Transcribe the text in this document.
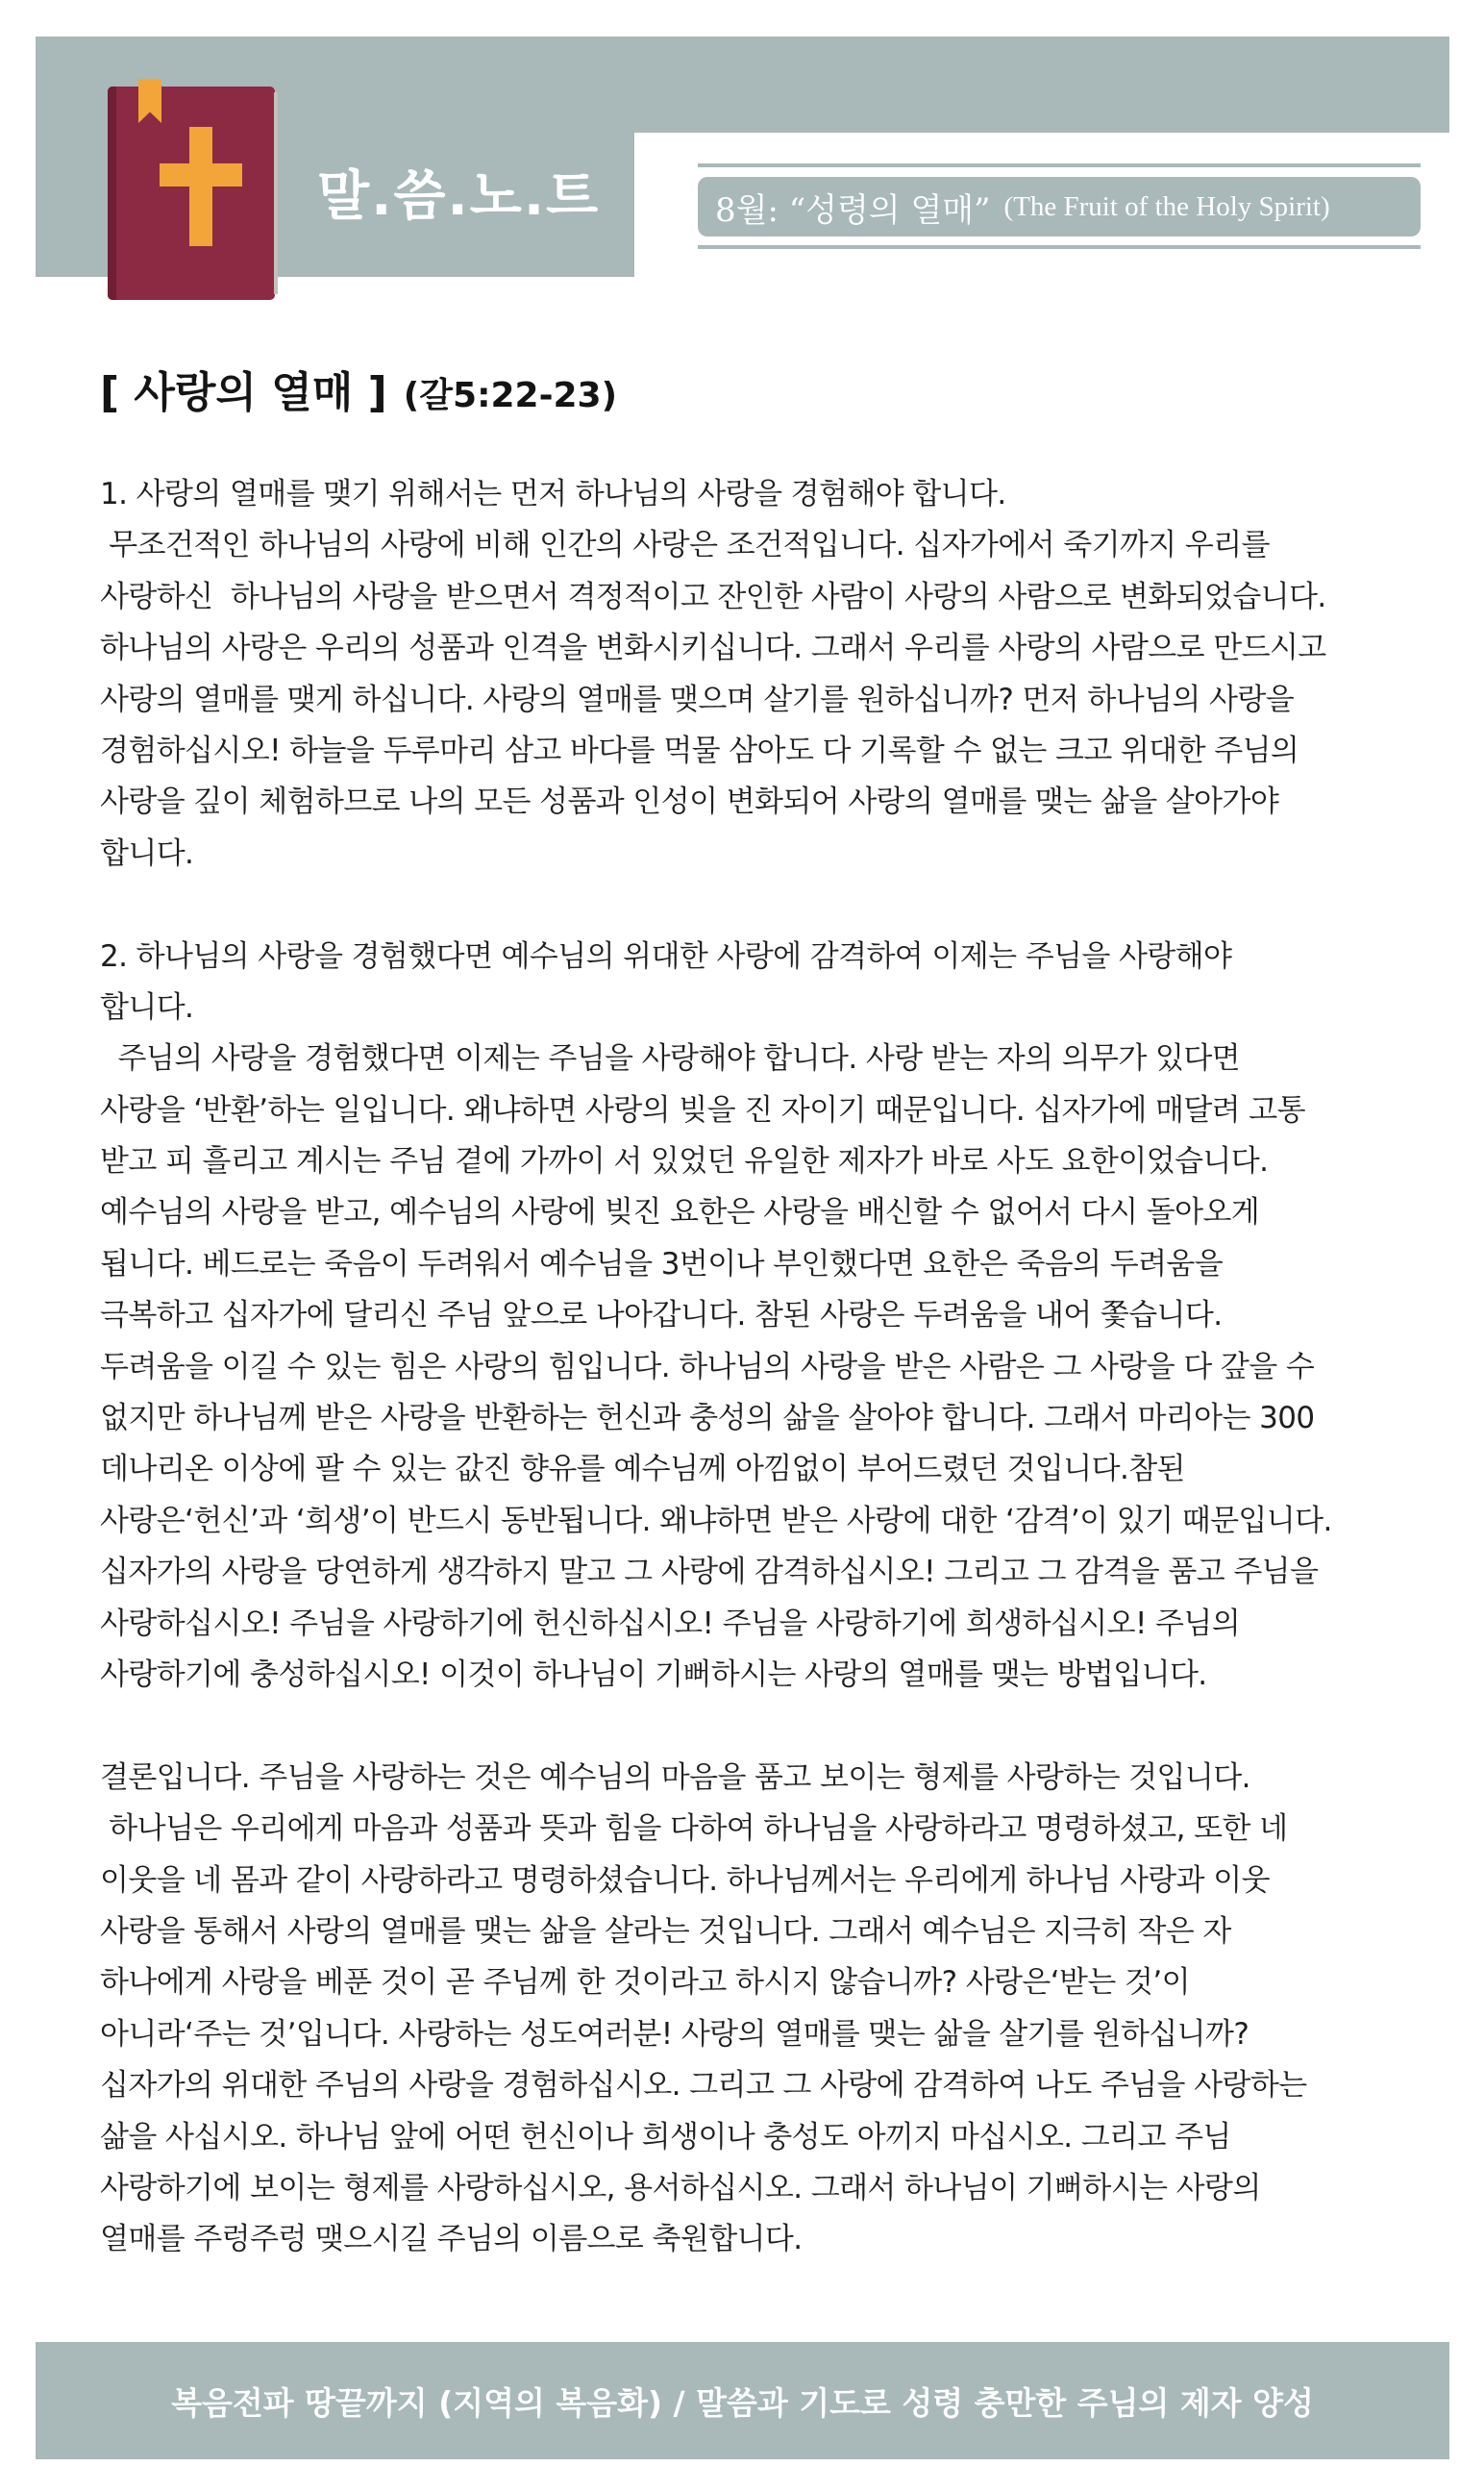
말.씀.노.트	8월: “성령의 열매” (The Fruit of the Holy Spirit)
[ 사랑의 열매 ] (갈5:22-23)
1. 사랑의 열매를 맺기 위해서는 먼저 하나님의 사랑을 경험해야 합니다.
무조건적인 하나님의 사랑에 비해 인간의 사랑은 조건적입니다. 십자가에서 죽기까지 우리를
사랑하신  하나님의 사랑을 받으면서 격정적이고 잔인한 사람이 사랑의 사람으로 변화되었습니다.
하나님의 사랑은 우리의 성품과 인격을 변화시키십니다. 그래서 우리를 사랑의 사람으로 만드시고
사랑의 열매를 맺게 하십니다. 사랑의 열매를 맺으며 살기를 원하십니까? 먼저 하나님의 사랑을
경험하십시오! 하늘을 두루마리 삼고 바다를 먹물 삼아도 다 기록할 수 없는 크고 위대한 주님의
사랑을 깊이 체험하므로 나의 모든 성품과 인성이 변화되어 사랑의 열매를 맺는 삶을 살아가야
합니다.
2. 하나님의 사랑을 경험했다면 예수님의 위대한 사랑에 감격하여 이제는 주님을 사랑해야
합니다.
주님의 사랑을 경험했다면 이제는 주님을 사랑해야 합니다. 사랑 받는 자의 의무가 있다면
사랑을 ‘반환’하는 일입니다. 왜냐하면 사랑의 빚을 진 자이기 때문입니다. 십자가에 매달려 고통
받고 피 흘리고 계시는 주님 곁에 가까이 서 있었던 유일한 제자가 바로 사도 요한이었습니다.
예수님의 사랑을 받고, 예수님의 사랑에 빚진 요한은 사랑을 배신할 수 없어서 다시 돌아오게
됩니다. 베드로는 죽음이 두려워서 예수님을 3번이나 부인했다면 요한은 죽음의 두려움을
극복하고 십자가에 달리신 주님 앞으로 나아갑니다. 참된 사랑은 두려움을 내어 쫓습니다.
두려움을 이길 수 있는 힘은 사랑의 힘입니다. 하나님의 사랑을 받은 사람은 그 사랑을 다 갚을 수
없지만 하나님께 받은 사랑을 반환하는 헌신과 충성의 삶을 살아야 합니다. 그래서 마리아는 300
데나리온 이상에 팔 수 있는 값진 향유를 예수님께 아낌없이 부어드렸던 것입니다.참된
사랑은‘헌신’과 ‘희생’이 반드시 동반됩니다. 왜냐하면 받은 사랑에 대한 ‘감격’이 있기 때문입니다.
십자가의 사랑을 당연하게 생각하지 말고 그 사랑에 감격하십시오! 그리고 그 감격을 품고 주님을
사랑하십시오! 주님을 사랑하기에 헌신하십시오! 주님을 사랑하기에 희생하십시오! 주님의
사랑하기에 충성하십시오! 이것이 하나님이 기뻐하시는 사랑의 열매를 맺는 방법입니다.
결론입니다. 주님을 사랑하는 것은 예수님의 마음을 품고 보이는 형제를 사랑하는 것입니다.
하나님은 우리에게 마음과 성품과 뜻과 힘을 다하여 하나님을 사랑하라고 명령하셨고, 또한 네
이웃을 네 몸과 같이 사랑하라고 명령하셨습니다. 하나님께서는 우리에게 하나님 사랑과 이웃
사랑을 통해서 사랑의 열매를 맺는 삶을 살라는 것입니다. 그래서 예수님은 지극히 작은 자
하나에게 사랑을 베푼 것이 곧 주님께 한 것이라고 하시지 않습니까? 사랑은‘받는 것’이
아니라‘주는 것’입니다. 사랑하는 성도여러분! 사랑의 열매를 맺는 삶을 살기를 원하십니까?
십자가의 위대한 주님의 사랑을 경험하십시오. 그리고 그 사랑에 감격하여 나도 주님을 사랑하는
삶을 사십시오. 하나님 앞에 어떤 헌신이나 희생이나 충성도 아끼지 마십시오. 그리고 주님
사랑하기에 보이는 형제를 사랑하십시오, 용서하십시오. 그래서 하나님이 기뻐하시는 사랑의
열매를 주렁주렁 맺으시길 주님의 이름으로 축원합니다.
복음전파 땅끝까지 (지역의 복음화) / 말씀과 기도로 성령 충만한 주님의 제자 양성
